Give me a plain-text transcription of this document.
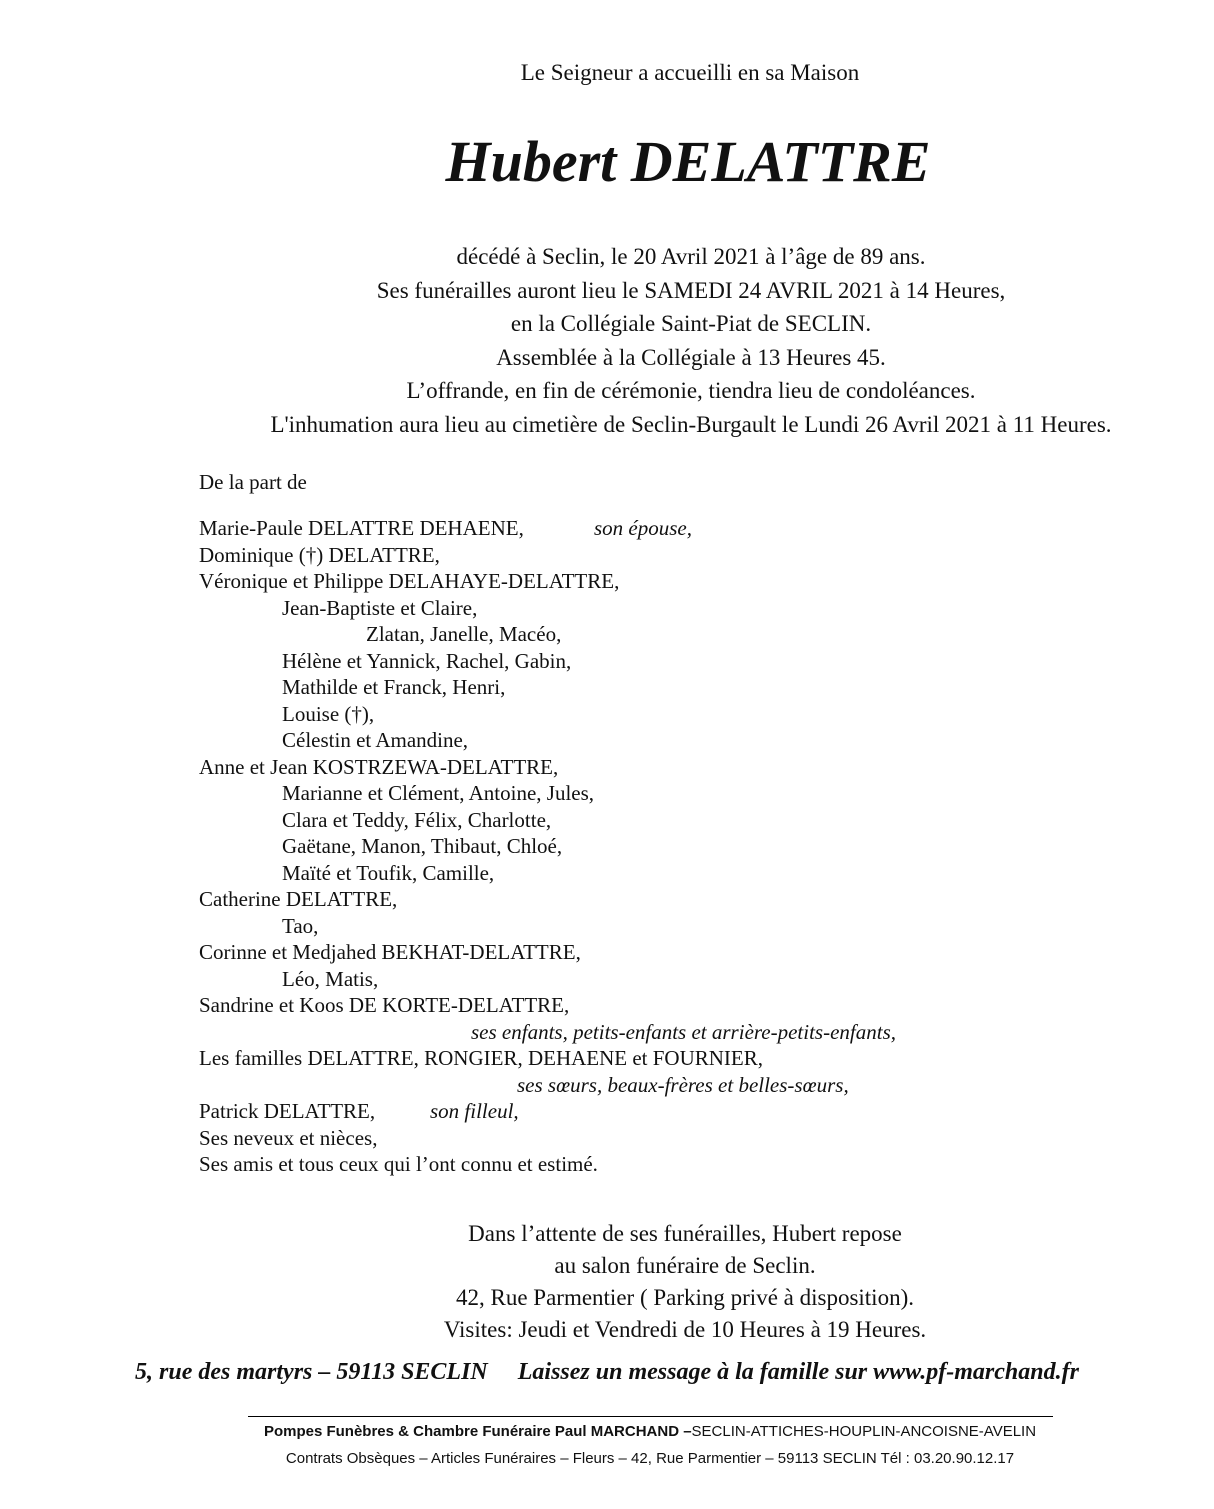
Le Seigneur a accueilli en sa Maison
Hubert DELATTRE
décédé à Seclin, le 20 Avril 2021 à l’âge de 89 ans.
Ses funérailles auront lieu le SAMEDI 24 AVRIL 2021 à 14 Heures,
en la Collégiale Saint-Piat de SECLIN.
Assemblée à la Collégiale à 13 Heures 45.
L’offrande, en fin de cérémonie, tiendra lieu de condoléances.
L'inhumation aura lieu au cimetière de Seclin-Burgault le Lundi 26 Avril 2021 à 11 Heures.
De la part de
Marie-Paule DELATTRE DEHAENE,	son épouse,
Dominique (†) DELATTRE,
Véronique et Philippe DELAHAYE-DELATTRE,
Jean-Baptiste et Claire,
Zlatan, Janelle, Macéo,
Hélène et Yannick, Rachel, Gabin,
Mathilde et Franck, Henri,
Louise (†),
Célestin et Amandine,
Anne et Jean KOSTRZEWA-DELATTRE,
Marianne et Clément, Antoine, Jules,
Clara et Teddy, Félix, Charlotte,
Gaëtane, Manon, Thibaut, Chloé,
Maïté et Toufik, Camille,
Catherine DELATTRE,
Tao,
Corinne et Medjahed BEKHAT-DELATTRE,
Léo, Matis,
Sandrine et Koos DE KORTE-DELATTRE,
ses enfants, petits-enfants et arrière-petits-enfants,
Les familles DELATTRE, RONGIER, DEHAENE et FOURNIER,
ses sœurs, beaux-frères et belles-sœurs,
Patrick DELATTRE,	son filleul,
Ses neveux et nièces,
Ses amis et tous ceux qui l’ont connu et estimé.
Dans l’attente de ses funérailles, Hubert repose
au salon funéraire de Seclin.
42, Rue Parmentier ( Parking privé à disposition).
Visites: Jeudi et Vendredi de 10 Heures à 19 Heures.
5, rue des martyrs – 59113 SECLIN Laissez un message à la famille sur www.pf-marchand.fr
Pompes Funèbres & Chambre Funéraire Paul MARCHAND –SECLIN-ATTICHES-HOUPLIN-ANCOISNE-AVELIN
Contrats Obsèques – Articles Funéraires – Fleurs – 42, Rue Parmentier – 59113 SECLIN Tél : 03.20.90.12.17
